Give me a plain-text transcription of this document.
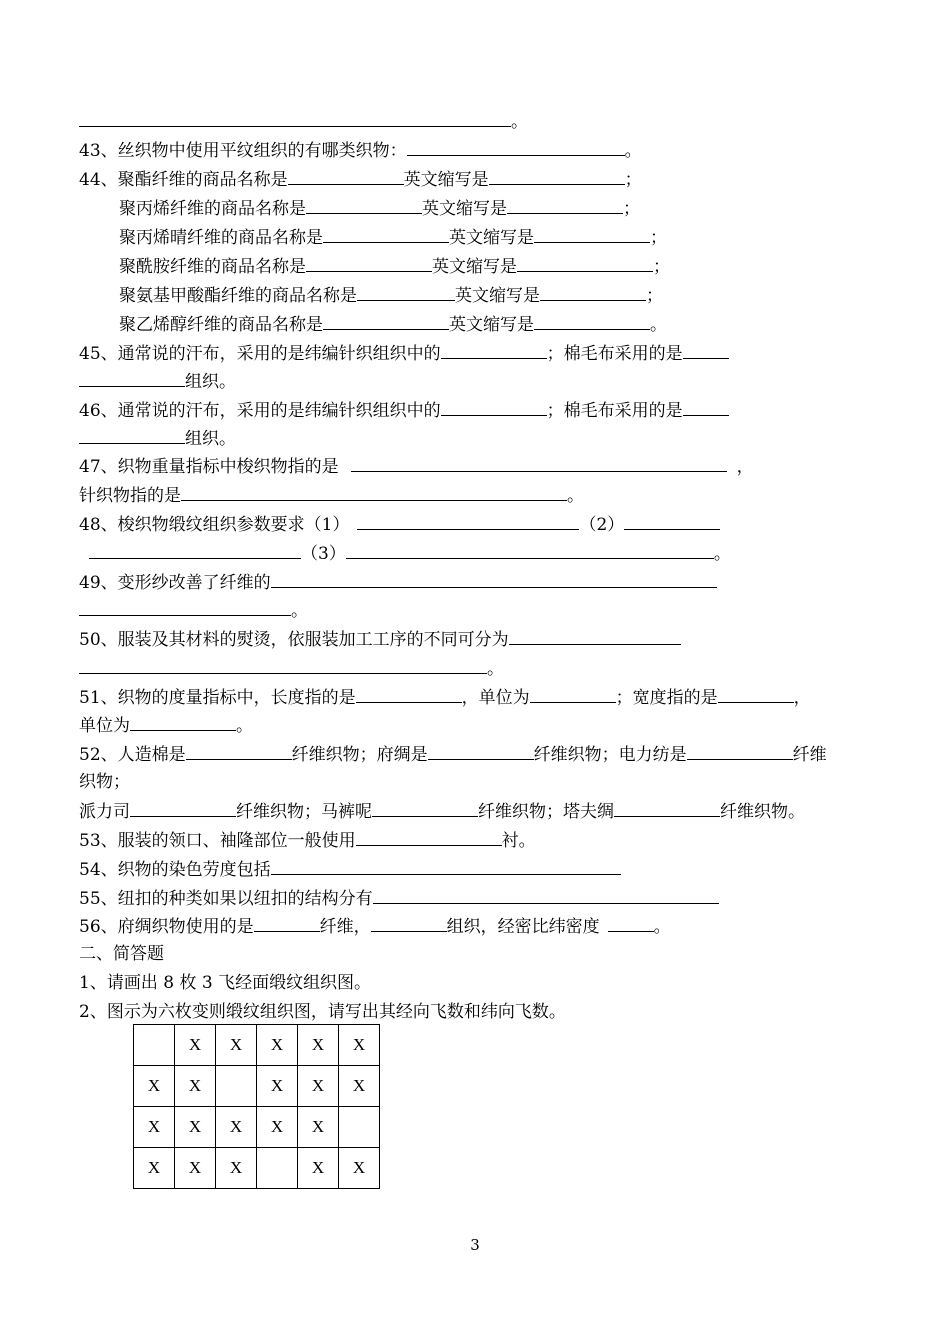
。
43、丝织物中使用平纹组织的有哪类织物：	。
44、聚酯纤维的商品名称是	英文缩写是	；
聚丙烯纤维的商品名称是	英文缩写是	；
聚丙烯晴纤维的商品名称是	英文缩写是	；
聚酰胺纤维的商品名称是	英文缩写是	；
聚氨基甲酸酯纤维的商品名称是	英文缩写是	；
聚乙烯醇纤维的商品名称是	英文缩写是	。
45、通常说的汗布，采用的是纬编针织组织中的	；棉毛布采用的是
组织。
46、通常说的汗布，采用的是纬编针织组织中的	；棉毛布采用的是
组织。
47、织物重量指标中梭织物指的是	，
针织物指的是	。
48、梭织物缎纹组织参数要求（1）	（2）
（3）	。
49、变形纱改善了纤维的
。
50、服装及其材料的熨烫，依服装加工工序的不同可分为
。
51、织物的度量指标中，长度指的是	，单位为	；宽度指的是	，
单位为	。
52、人造棉是	纤维织物；府绸是	纤维织物；电力纺是	纤维
织物；
派力司	纤维织物；马裤呢	纤维织物；塔夫绸	纤维织物。
53、服装的领口、袖隆部位一般使用	衬。
54、织物的染色劳度包括
55、纽扣的种类如果以纽扣的结构分有
56、府绸织物使用的是	纤维，	组织，经密比纬密度	。
二、简答题
1、请画出 8 枚 3 飞经面缎纹组织图。
2、图示为六枚变则缎纹组织图，请写出其经向飞数和纬向飞数。
	X	X	X	X	X
X	X		X	X	X
X	X	X	X	X	
X	X	X		X	X
3
